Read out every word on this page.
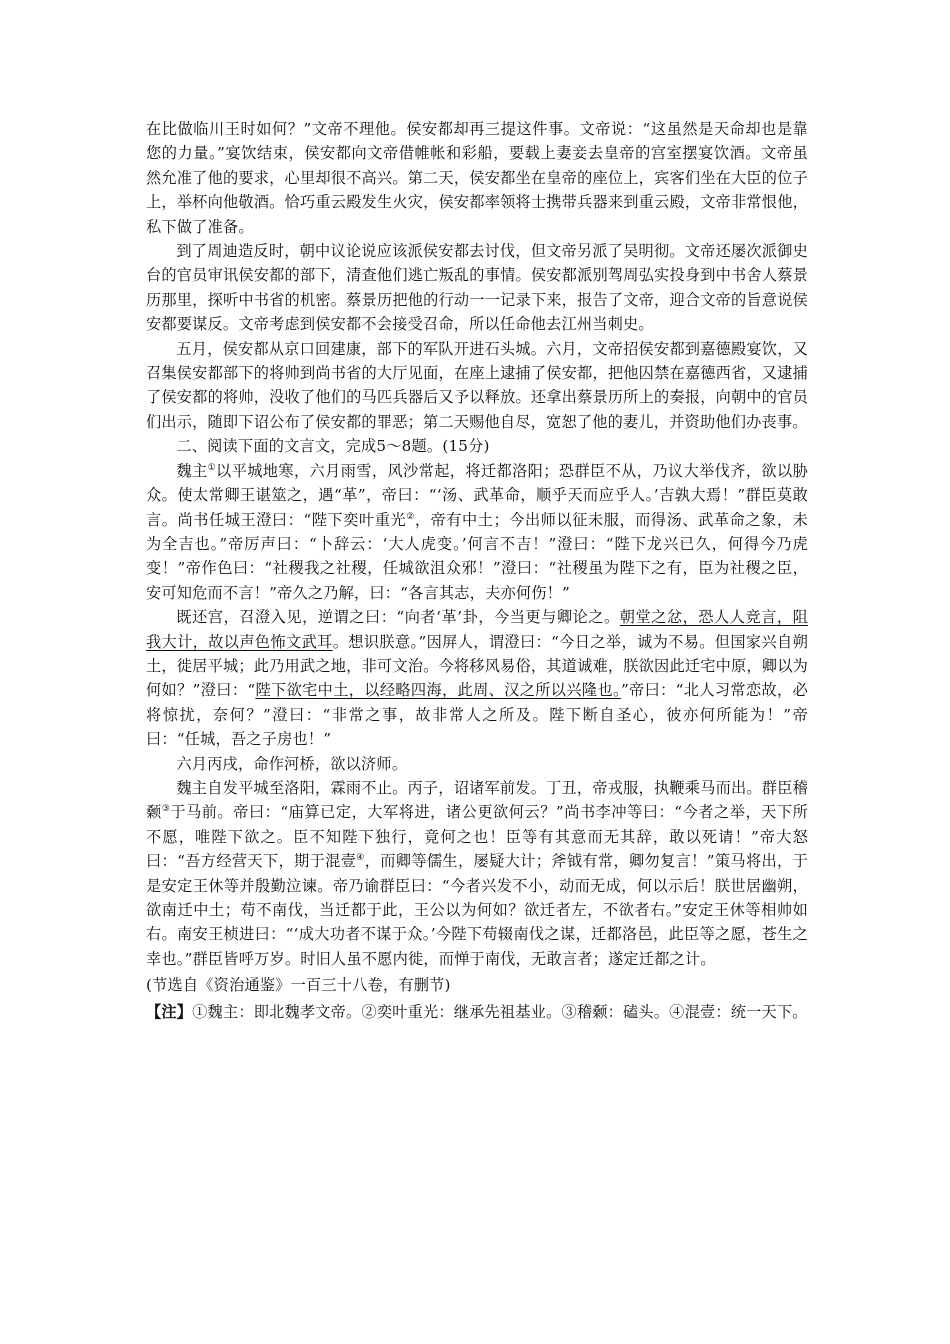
在比做临川王时如何？”文帝不理他。侯安都却再三提这件事。文帝说：“这虽然是天命却也是靠您的力量。”宴饮结束，侯安都向文帝借帷帐和彩船，要载上妻妾去皇帝的宫室摆宴饮酒。文帝虽然允准了他的要求，心里却很不高兴。第二天，侯安都坐在皇帝的座位上，宾客们坐在大臣的位子上，举杯向他敬酒。恰巧重云殿发生火灾，侯安都率领将士携带兵器来到重云殿，文帝非常恨他，私下做了准备。

到了周迪造反时，朝中议论说应该派侯安都去讨伐，但文帝另派了吴明彻。文帝还屡次派御史台的官员审讯侯安都的部下，清查他们逃亡叛乱的事情。侯安都派别驾周弘实投身到中书舍人蔡景历那里，探听中书省的机密。蔡景历把他的行动一一记录下来，报告了文帝，迎合文帝的旨意说侯安都要谋反。文帝考虑到侯安都不会接受召命，所以任命他去江州当刺史。

五月，侯安都从京口回建康，部下的军队开进石头城。六月，文帝招侯安都到嘉德殿宴饮，又召集侯安都部下的将帅到尚书省的大厅见面，在座上逮捕了侯安都，把他囚禁在嘉德西省，又逮捕了侯安都的将帅，没收了他们的马匹兵器后又予以释放。还拿出蔡景历所上的奏报，向朝中的官员们出示，随即下诏公布了侯安都的罪恶；第二天赐他自尽，宽恕了他的妻儿，并资助他们办丧事。

二、阅读下面的文言文，完成5～8题。(15分)

魏主①以平城地寒，六月雨雪，风沙常起，将迁都洛阳；恐群臣不从，乃议大举伐齐，欲以胁众。使太常卿王谌筮之，遇“革”，帝曰：“‘汤、武革命，顺乎天而应乎人。’吉孰大焉！”群臣莫敢言。尚书任城王澄曰：“陛下奕叶重光②，帝有中土；今出师以征未服，而得汤、武革命之象，未为全吉也。”帝厉声曰：“卜辞云：‘大人虎变。’何言不吉！”澄曰：“陛下龙兴已久，何得今乃虎变！”帝作色曰：“社稷我之社稷，任城欲沮众邪！”澄曰：“社稷虽为陛下之有，臣为社稷之臣，安可知危而不言！”帝久之乃解，曰：“各言其志，夫亦何伤！”

既还宫，召澄入见，逆谓之曰：“向者‘革’卦，今当更与卿论之。朝堂之忿，恐人人竞言，阻我大计，故以声色怖文武耳。想识朕意。”因屏人，谓澄曰：“今日之举，诚为不易。但国家兴自朔土，徙居平城；此乃用武之地，非可文治。今将移风易俗，其道诚难，朕欲因此迁宅中原，卿以为何如？”澄曰：“陛下欲宅中土，以经略四海，此周、汉之所以兴隆也。”帝曰：“北人习常恋故，必将惊扰，奈何？”澄曰：“非常之事，故非常人之所及。陛下断自圣心，彼亦何所能为！”帝曰：“任城，吾之子房也！”

六月丙戌，命作河桥，欲以济师。

魏主自发平城至洛阳，霖雨不止。丙子，诏诸军前发。丁丑，帝戎服，执鞭乘马而出。群臣稽颡③于马前。帝曰：“庙算已定，大军将进，诸公更欲何云？”尚书李冲等曰：“今者之举，天下所不愿，唯陛下欲之。臣不知陛下独行，竟何之也！臣等有其意而无其辞，敢以死请！”帝大怒曰：“吾方经营天下，期于混壹④，而卿等儒生，屡疑大计；斧钺有常，卿勿复言！”策马将出，于是安定王休等并殷勤泣谏。帝乃谕群臣曰：“今者兴发不小，动而无成，何以示后！朕世居幽朔，欲南迁中土；苟不南伐，当迁都于此，王公以为何如？欲迁者左，不欲者右。”安定王休等相帅如右。南安王桢进曰：“‘成大功者不谋于众。’今陛下苟辍南伐之谋，迁都洛邑，此臣等之愿，苍生之幸也。”群臣皆呼万岁。时旧人虽不愿内徙，而惮于南伐，无敢言者；遂定迁都之计。

(节选自《资治通鉴》一百三十八卷，有删节)

【注】①魏主：即北魏孝文帝。②奕叶重光：继承先祖基业。③稽颡：磕头。④混壹：统一天下。
